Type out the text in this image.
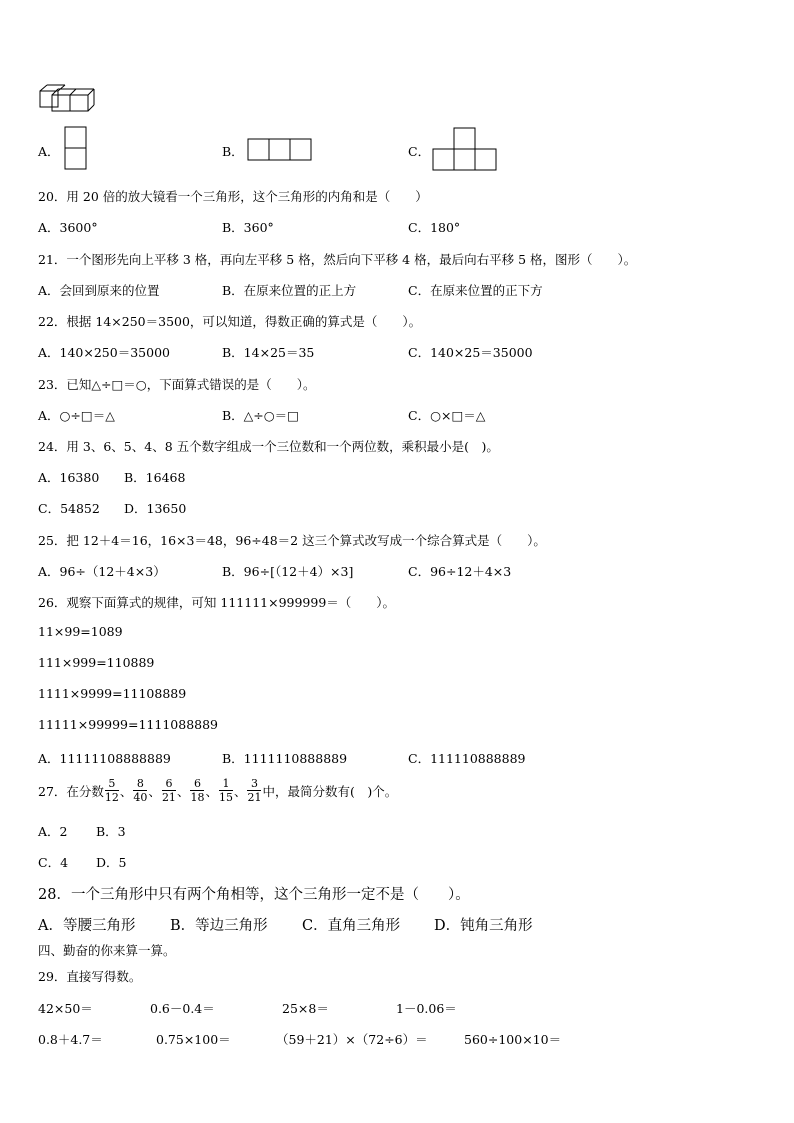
A．	B．	C．
20．用 20 倍的放大镜看一个三角形，这个三角形的内角和是（　　）
A．3600°	B．360°	C．180°
21．一个图形先向上平移 3 格，再向左平移 5 格，然后向下平移 4 格，最后向右平移 5 格，图形（　　）。
A．会回到原来的位置	B．在原来位置的正上方	C．在原来位置的正下方
22．根据 14×250＝3500，可以知道，得数正确的算式是（　　）。
A．140×250＝35000	B．14×25＝35	C．140×25＝35000
23．已知△÷□＝○，下面算式错误的是（　　）。
A．○÷□＝△	B．△÷○＝□	C．○×□＝△
24．用 3、6、5、4、8 五个数字组成一个三位数和一个两位数，乘积最小是(　)。
A．16380 B．16468
C．54852 D．13650
25．把 12＋4＝16，16×3＝48，96÷48＝2 这三个算式改写成一个综合算式是（　　）。
A．96÷（12＋4×3）	B．96÷[（12＋4）×3]	C．96÷12＋4×3
26．观察下面算式的规律，可知 111111×999999＝（　　）。
11×99=1089
111×999=110889
1111×9999=11108889
11111×99999=1111088889
A．11111108888889	B．1111110888889	C．111110888889
27．在分数 $\frac{5}{12}$ 、 $\frac{8}{40}$ 、 $\frac{6}{21}$ 、 $\frac{6}{18}$ 、 $\frac{1}{15}$ 、 $\frac{3}{21}$ 中，最简分数有(　)个。
A．2 B．3
C．4 D．5
28．一个三角形中只有两个角相等，这个三角形一定不是（　　）。
A．等腰三角形 B．等边三角形 C．直角三角形 D．钝角三角形
四、勤奋的你来算一算。
29．直接写得数。
42×50＝	0.6－0.4＝	25×8＝	1－0.06＝
0.8＋4.7＝	0.75×100＝	（59＋21）×（72÷6）＝	560÷100×10＝
